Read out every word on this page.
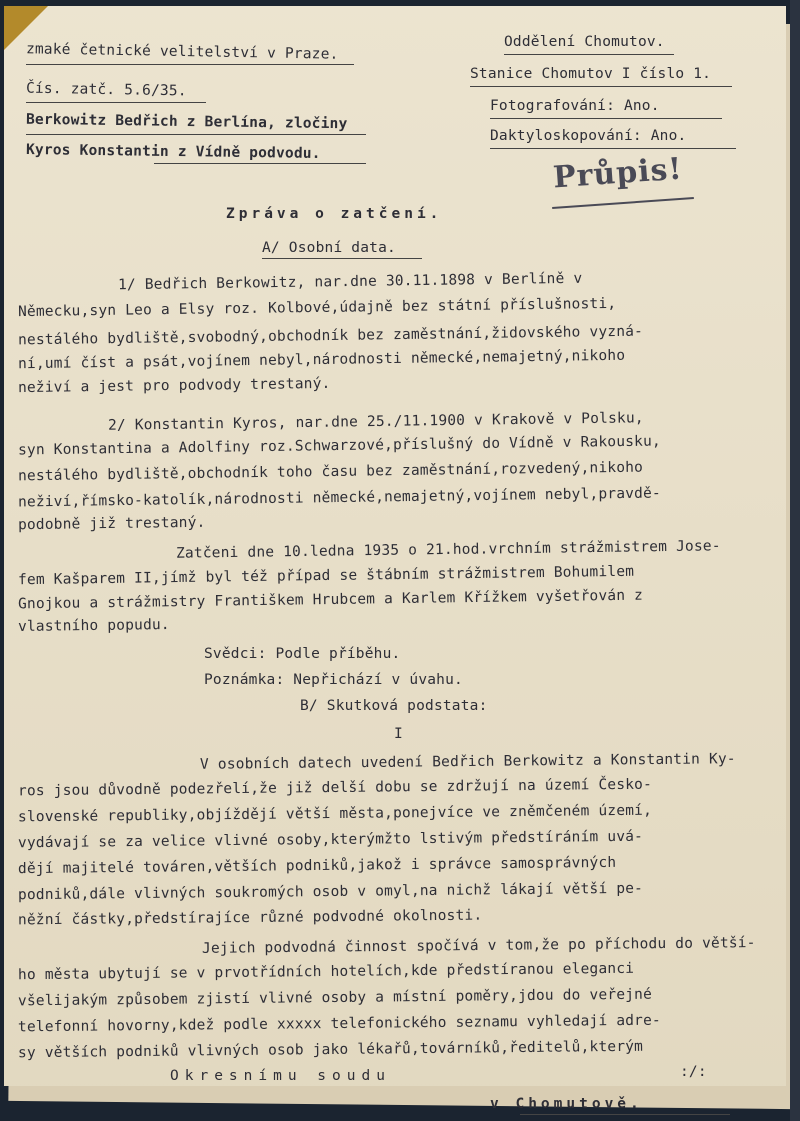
zmaké četnické velitelství v Praze.
Čís. zatč. 5.6/35.
Berkowitz Bedřich z Berlína, zločiny
Kyros Konstantin z Vídně podvodu.
Oddělení Chomutov.
Stanice Chomutov I číslo 1.
Fotografování: Ano.
Daktyloskopování: Ano.
Průpis!
Zpráva o zatčení.
A/ Osobní data.
1/ Bedřich Berkowitz, nar.dne 30.11.1898 v Berlíně v
Německu,syn Leo a Elsy roz. Kolbové,údajně bez státní příslušnosti,
nestálého bydliště,svobodný,obchodník bez zaměstnání,židovského vyzná-
ní,umí číst a psát,vojínem nebyl,národnosti německé,nemajetný,nikoho
neživí a jest pro podvody trestaný.
2/ Konstantin Kyros, nar.dne 25./11.1900 v Krakově v Polsku,
syn Konstantina a Adolfiny roz.Schwarzové,příslušný do Vídně v Rakousku,
nestálého bydliště,obchodník toho času bez zaměstnání,rozvedený,nikoho
neživí,římsko-katolík,národnosti německé,nemajetný,vojínem nebyl,pravdě-
podobně již trestaný.
Zatčeni dne 10.ledna 1935 o 21.hod.vrchním strážmistrem Jose-
fem Kašparem II,jímž byl též případ se štábním strážmistrem Bohumilem
Gnojkou a strážmistry Františkem Hrubcem a Karlem Křížkem vyšetřován z
vlastního popudu.
Svědci: Podle příběhu.
Poznámka: Nepřichází v úvahu.
B/ Skutková podstata:
I
V osobních datech uvedení Bedřich Berkowitz a Konstantin Ky-
ros jsou důvodně podezřelí,že již delší dobu se zdržují na území Česko-
slovenské republiky,objíždějí větší města,ponejvíce ve zněmčeném území,
vydávají se za velice vlivné osoby,kterýmžto lstivým předstíráním uvá-
dějí majitelé továren,větších podniků,jakož i správce samosprávných
podniků,dále vlivných soukromých osob v omyl,na nichž lákají větší pe-
něžní částky,předstírajíce různé podvodné okolnosti.
Jejich podvodná činnost spočívá v tom,že po příchodu do větší-
ho města ubytují se v prvotřídních hotelích,kde předstíranou eleganci
všelijakým způsobem zjistí vlivné osoby a místní poměry,jdou do veřejné
telefonní hovorny,kdež podle xxxxx telefonického seznamu vyhledají adre-
sy větších podniků vlivných osob jako lékařů,továrníků,ředitelů,kterým
:/:
Okresnímu soudu
v Chomutově.
